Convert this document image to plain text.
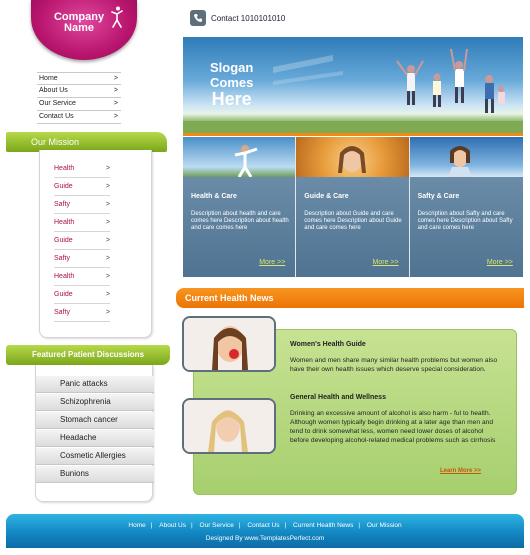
Company
Name
Home	>
About Us	>
Our Service	>
Contact Us	>
Our Mission
Health	>
Guide	>
Safty	>
Health	>
Guide	>
Safty	>
Health	>
Guide	>
Safty	>
Featured Patient Discussions
Panic attacks
Schizophrenia
Stomach cancer
Headache
Cosmetic Allergies
Bunions
Contact 1010101010
Slogan
Comes
Here
Health & Care
Description about health and care comes here Description about health and care comes here
More >>
Guide & Care
Description about Guide and care comes here Description about Guide and care comes here
More >>
Safty & Care
Description about Safty and care comes here Description about Safty and care comes here
More >>
Current Health News
Women's Health Guide
Women and men share many similar health problems but women also have their own health issues which deserve special consideration.
General Health and Wellness
Drinking an excessive amount of alcohol is also harm - ful to health. Although women typically begin drinking at a later age than men and tend to drink somewhat less, women need lower doses of alcohol before developing alcohol-related medical problems such as cirrhosis
Learn More >>
Home | About Us | Our Service | Contact Us | Current Health News | Our Mission
Designed By www.TemplatesPerfect.com
